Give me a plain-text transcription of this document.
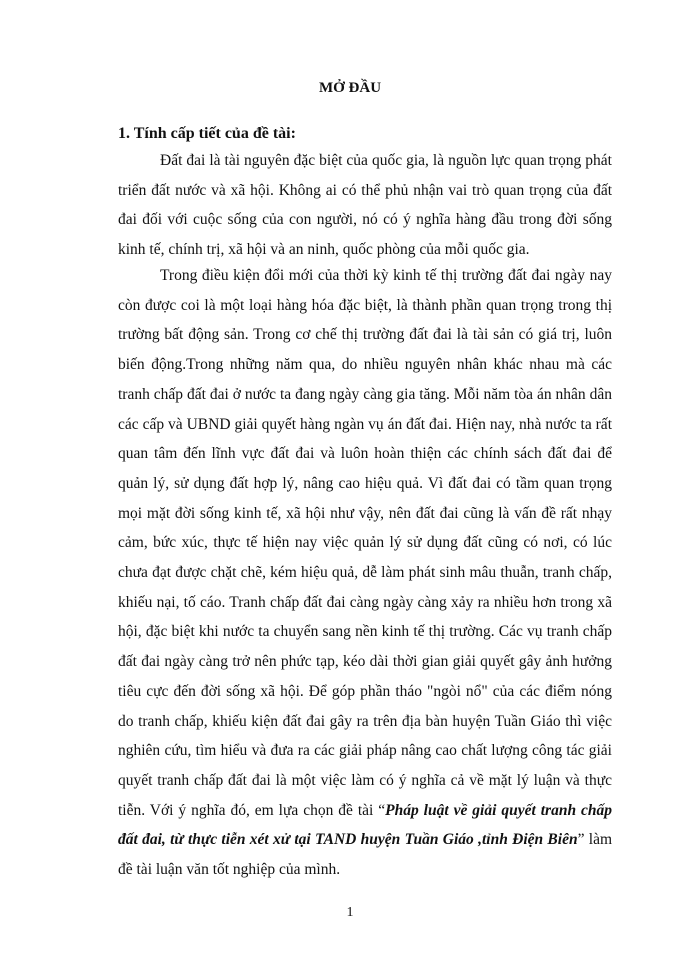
MỞ ĐẦU
1. Tính cấp tiết của đề tài:

Đất đai là tài nguyên đặc biệt của quốc gia, là nguồn lực quan trọng phát triển đất nước và xã hội. Không ai có thể phủ nhận vai trò quan trọng của đất đai đối với cuộc sống của con người, nó có ý nghĩa hàng đầu trong đời sống kinh tế, chính trị, xã hội và an ninh, quốc phòng của mỗi quốc gia.

Trong điều kiện đổi mới của thời kỳ kinh tế thị trường đất đai ngày nay còn được coi là một loại hàng hóa đặc biệt, là thành phần quan trọng trong thị trường bất động sản. Trong cơ chế thị trường đất đai là tài sản có giá trị, luôn biến động.Trong những năm qua, do nhiều nguyên nhân khác nhau mà các tranh chấp đất đai ở nước ta đang ngày càng gia tăng. Mỗi năm tòa án nhân dân các cấp và UBND giải quyết hàng ngàn vụ án đất đai. Hiện nay, nhà nước ta rất quan tâm đến lĩnh vực đất đai và luôn hoàn thiện các chính sách đất đai để quản lý, sử dụng đất hợp lý, nâng cao hiệu quả. Vì đất đai có tầm quan trọng mọi mặt đời sống kinh tế, xã hội như vậy, nên đất đai cũng là vấn đề rất nhạy cảm, bức xúc, thực tế hiện nay việc quản lý sử dụng đất cũng có nơi, có lúc chưa đạt được chặt chẽ, kém hiệu quả, dễ làm phát sinh mâu thuẫn, tranh chấp, khiếu nại, tố cáo. Tranh chấp đất đai càng ngày càng xảy ra nhiều hơn trong xã hội, đặc biệt khi nước ta chuyển sang nền kinh tế thị trường. Các vụ tranh chấp đất đai ngày càng trở nên phức tạp, kéo dài thời gian giải quyết gây ảnh hưởng tiêu cực đến đời sống xã hội. Để góp phần tháo "ngòi nổ" của các điểm nóng do tranh chấp, khiếu kiện đất đai gây ra trên địa bàn huyện Tuần Giáo thì việc nghiên cứu, tìm hiểu và đưa ra các giải pháp nâng cao chất lượng công tác giải quyết tranh chấp đất đai là một việc làm có ý nghĩa cả về mặt lý luận và thực tiễn. Với ý nghĩa đó, em lựa chọn đề tài “Pháp luật về giải quyết tranh chấp đất đai, từ thực tiễn xét xử tại TAND huyện Tuần Giáo ,tỉnh Điện Biên” làm đề tài luận văn tốt nghiệp của mình.

1
